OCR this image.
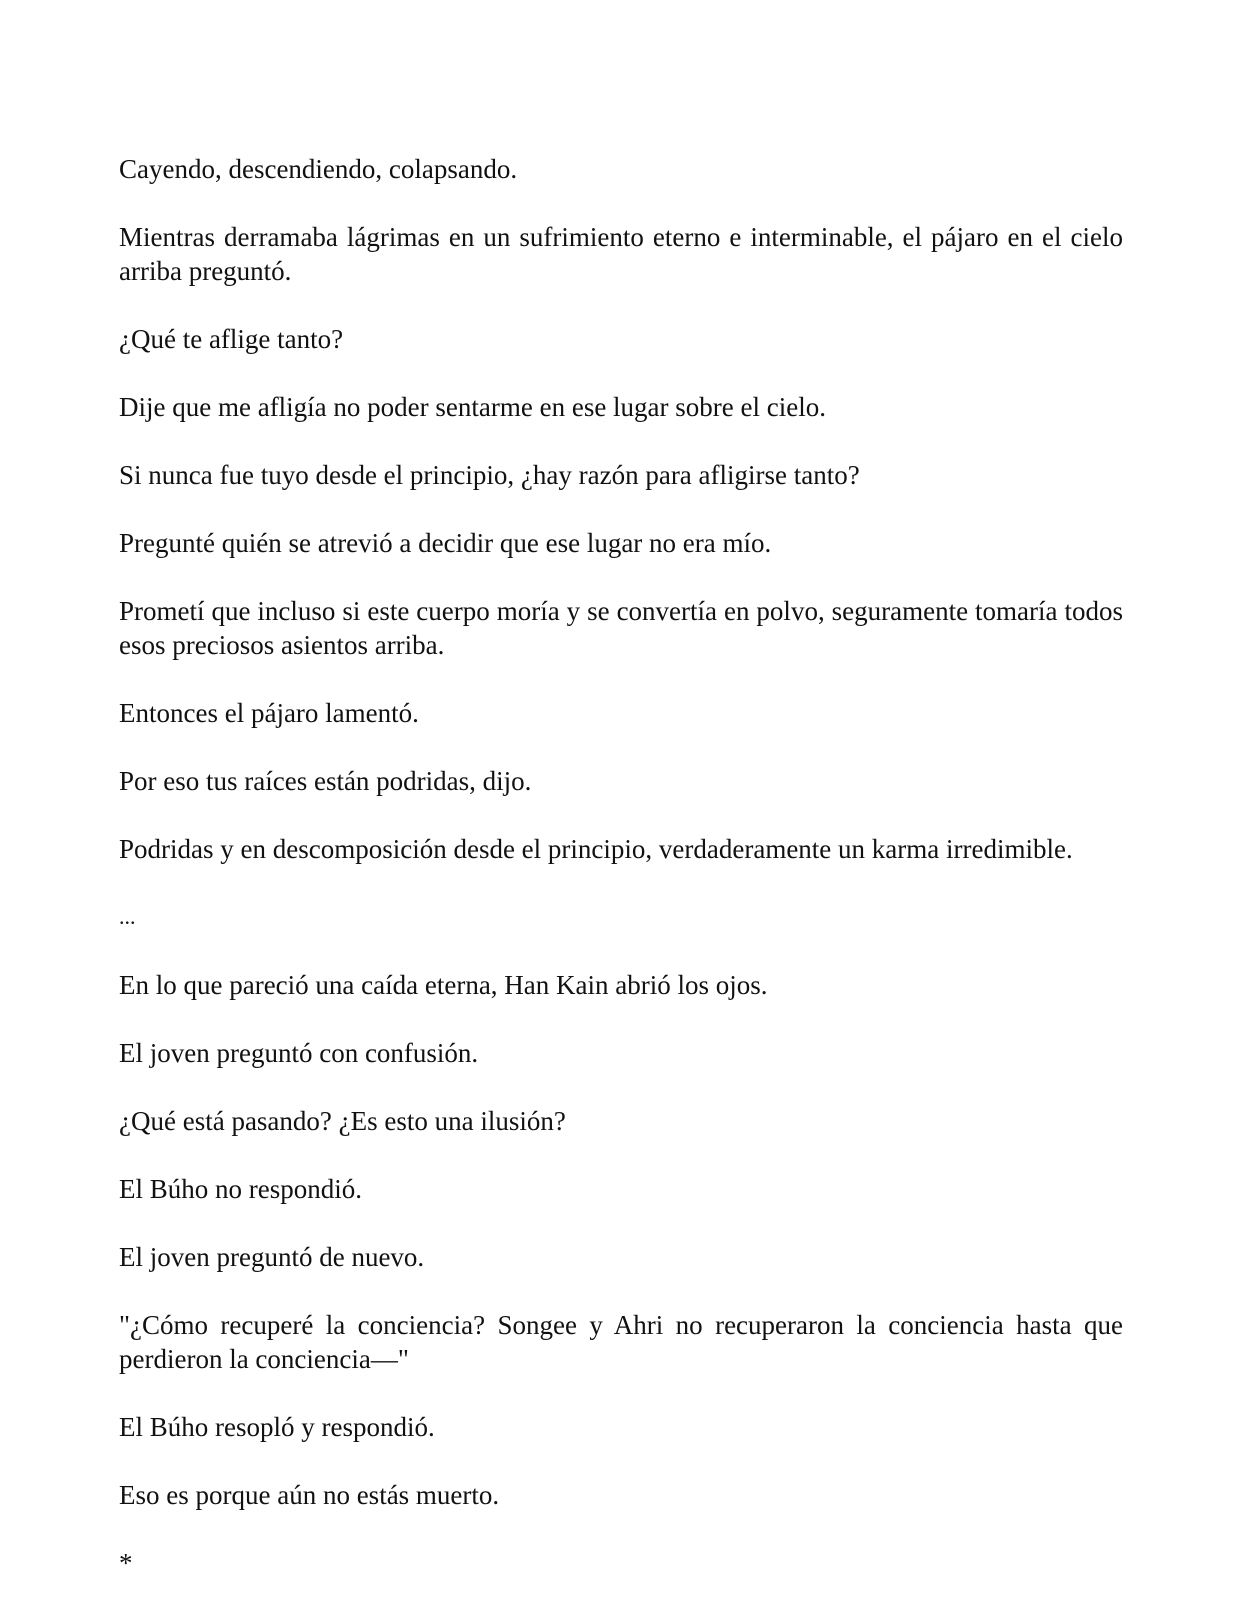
Cayendo, descendiendo, colapsando.

Mientras derramaba lágrimas en un sufrimiento eterno e interminable, el pájaro en el cielo arriba preguntó.

¿Qué te aflige tanto?

Dije que me afligía no poder sentarme en ese lugar sobre el cielo.

Si nunca fue tuyo desde el principio, ¿hay razón para afligirse tanto?

Pregunté quién se atrevió a decidir que ese lugar no era mío.

Prometí que incluso si este cuerpo moría y se convertía en polvo, seguramente tomaría todos esos preciosos asientos arriba.

Entonces el pájaro lamentó.

Por eso tus raíces están podridas, dijo.

Podridas y en descomposición desde el principio, verdaderamente un karma irredimible.

...

En lo que pareció una caída eterna, Han Kain abrió los ojos.

El joven preguntó con confusión.

¿Qué está pasando? ¿Es esto una ilusión?

El Búho no respondió.

El joven preguntó de nuevo.

"¿Cómo recuperé la conciencia? Songee y Ahri no recuperaron la conciencia hasta que perdieron la conciencia—"

El Búho resopló y respondió.

Eso es porque aún no estás muerto.

*
